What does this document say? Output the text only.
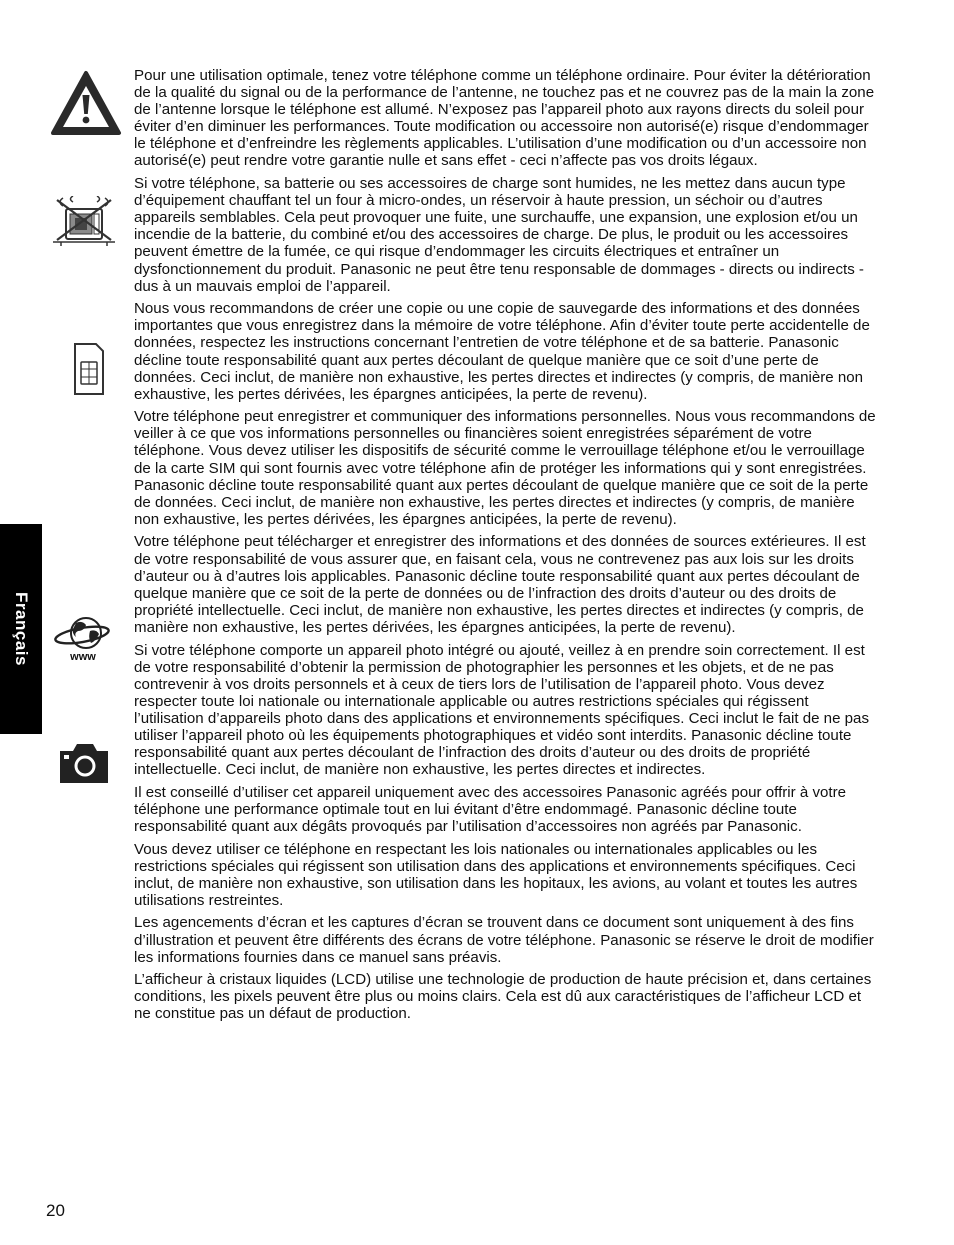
Français	www

Pour une utilisation optimale, tenez votre téléphone comme un téléphone ordinaire. Pour éviter la détérioration de la qualité du signal ou de la performance de l’antenne, ne touchez pas et ne couvrez pas de la main la zone de l’antenne lorsque le téléphone est allumé. N’exposez pas l’appareil photo aux rayons directs du soleil pour éviter d’en diminuer les performances. Toute modification ou accessoire non autorisé(e) risque d’endommager le téléphone et d’enfreindre les règlements applicables. L’utilisation d’une modification ou d’un accessoire non autorisé(e) peut rendre votre garantie nulle et sans effet - ceci n’affecte pas vos droits légaux.

Si votre téléphone, sa batterie ou ses accessoires de charge sont humides, ne les mettez dans aucun type d’équipement chauffant tel un four à micro-ondes, un réservoir à haute pression, un séchoir ou d’autres appareils semblables. Cela peut provoquer une fuite, une surchauffe, une expansion, une explosion et/ou un incendie de la batterie, du combiné et/ou des accessoires de charge. De plus, le produit ou les accessoires peuvent émettre de la fumée, ce qui risque d’endommager les circuits électriques et entraîner un dysfonctionnement du produit. Panasonic ne peut être tenu responsable de dommages - directs ou indirects - dus à un mauvais emploi de l’appareil.

Nous vous recommandons de créer une copie ou une copie de sauvegarde des informations et des données importantes que vous enregistrez dans la mémoire de votre téléphone. Afin d’éviter toute perte accidentelle de données, respectez les instructions concernant l’entretien de votre téléphone et de sa batterie. Panasonic décline toute responsabilité quant aux pertes découlant de quelque manière que ce soit d’une perte de données. Ceci inclut, de manière non exhaustive, les pertes directes et indirectes (y compris, de manière non exhaustive, les pertes dérivées, les épargnes anticipées, la perte de revenu).

Votre téléphone peut enregistrer et communiquer des informations personnelles. Nous vous recommandons de veiller à ce que vos informations personnelles ou financières soient enregistrées séparément de votre téléphone. Vous devez utiliser les dispositifs de sécurité comme le verrouillage téléphone et/ou le verrouillage de la carte SIM qui sont fournis avec votre téléphone afin de protéger les informations qui y sont enregistrées. Panasonic décline toute responsabilité quant aux pertes découlant de quelque manière que ce soit de la perte de données. Ceci inclut, de manière non exhaustive, les pertes directes et indirectes (y compris, de manière non exhaustive, les pertes dérivées, les épargnes anticipées, la perte de revenu).

Votre téléphone peut télécharger et enregistrer des informations et des données de sources extérieures. Il est de votre responsabilité de vous assurer que, en faisant cela, vous ne contrevenez pas aux lois sur les droits d’auteur ou à d’autres lois applicables. Panasonic décline toute responsabilité quant aux pertes découlant de quelque manière que ce soit de la perte de données ou de l’infraction des droits d’auteur ou des droits de propriété intellectuelle. Ceci inclut, de manière non exhaustive, les pertes directes et indirectes (y compris, de manière non exhaustive, les pertes dérivées, les épargnes anticipées, la perte de revenu).

Si votre téléphone comporte un appareil photo intégré ou ajouté, veillez à en prendre soin correctement. Il est de votre responsabilité d’obtenir la permission de photographier les personnes et les objets, et de ne pas contrevenir à vos droits personnels et à ceux de tiers lors de l’utilisation de l’appareil photo. Vous devez respecter toute loi nationale ou internationale applicable ou autres restrictions spéciales qui régissent l’utilisation d’appareils photo dans des applications et environnements spécifiques. Ceci inclut le fait de ne pas utiliser l’appareil photo où les équipements photographiques et vidéo sont interdits. Panasonic décline toute responsabilité quant aux pertes découlant de l’infraction des droits d’auteur ou des droits de propriété intellectuelle. Ceci inclut, de manière non exhaustive, les pertes directes et indirectes.

Il est conseillé d’utiliser cet appareil uniquement avec des accessoires Panasonic agréés pour offrir à votre téléphone une performance optimale tout en lui évitant d’être endommagé. Panasonic décline toute responsabilité quant aux dégâts provoqués par l’utilisation d’accessoires non agréés par Panasonic.

Vous devez utiliser ce téléphone en respectant les lois nationales ou internationales applicables ou les restrictions spéciales qui régissent son utilisation dans des applications et environnements spécifiques. Ceci inclut, de manière non exhaustive, son utilisation dans les hopitaux, les avions, au volant et toutes les autres utilisations restreintes.

Les agencements d’écran et les captures d’écran se trouvent dans ce document sont uniquement à des fins d’illustration et peuvent être différents des écrans de votre téléphone. Panasonic se réserve le droit de modifier les informations fournies dans ce manuel sans préavis.

L’afficheur à cristaux liquides (LCD) utilise une technologie de production de haute précision et, dans certaines conditions, les pixels peuvent être plus ou moins clairs. Cela est dû aux caractéristiques de l’afficheur LCD et ne constitue pas un défaut de production.

20
